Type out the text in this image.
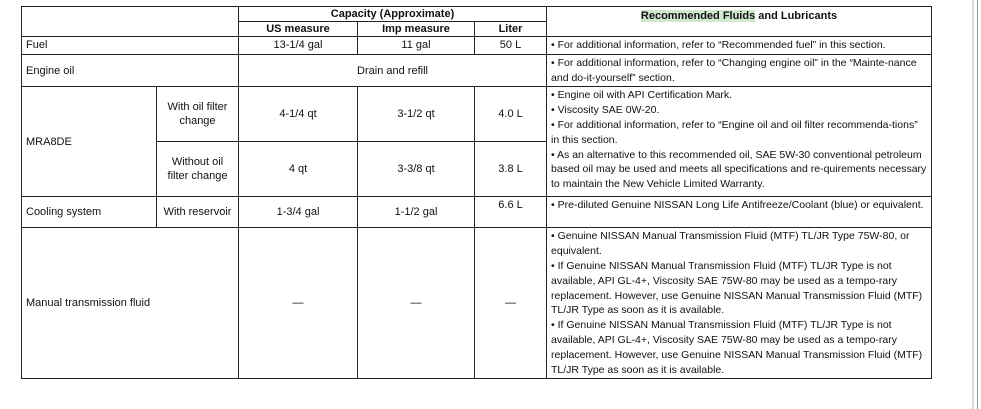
		Capacity (Approximate)			Recommended Fluids and Lubricants
		US measure	Imp measure	Liter	
Fuel		13-1/4 gal	11 gal	50 L	• For additional information, refer to “Recommended fuel” in this section.
Engine oil		Drain and refill			• For additional information, refer to “Changing engine oil” in the “Mainte-nance and do-it-yourself” section.
MRA8DE	With oil filter change	4-1/4 qt	3-1/2 qt	4.0 L	• Engine oil with API Certification Mark.
• Viscosity SAE 0W-20.
• For additional information, refer to “Engine oil and oil filter recommenda-tions” in this section.
• As an alternative to this recommended oil, SAE 5W-30 conventional petroleum based oil may be used and meets all specifications and re-quirements necessary to maintain the New Vehicle Limited Warranty.

	Without oil filter change	4 qt	3-3/8 qt	3.8 L	
Cooling system	With reservoir	1-3/4 gal	1-1/2 gal	6.6 L	• Pre-diluted Genuine NISSAN Long Life Antifreeze/Coolant (blue) or equivalent.
Manual transmission fluid		—	—	—	• Genuine NISSAN Manual Transmission Fluid (MTF) TL/JR Type 75W-80, or equivalent.
• If Genuine NISSAN Manual Transmission Fluid (MTF) TL/JR Type is not available, API GL-4+, Viscosity SAE 75W-80 may be used as a tempo-rary replacement. However, use Genuine NISSAN Manual Transmission Fluid (MTF) TL/JR Type as soon as it is available.
• If Genuine NISSAN Manual Transmission Fluid (MTF) TL/JR Type is not available, API GL-4+, Viscosity SAE 75W-80 may be used as a tempo-rary replacement. However, use Genuine NISSAN Manual Transmission Fluid (MTF) TL/JR Type as soon as it is available.
